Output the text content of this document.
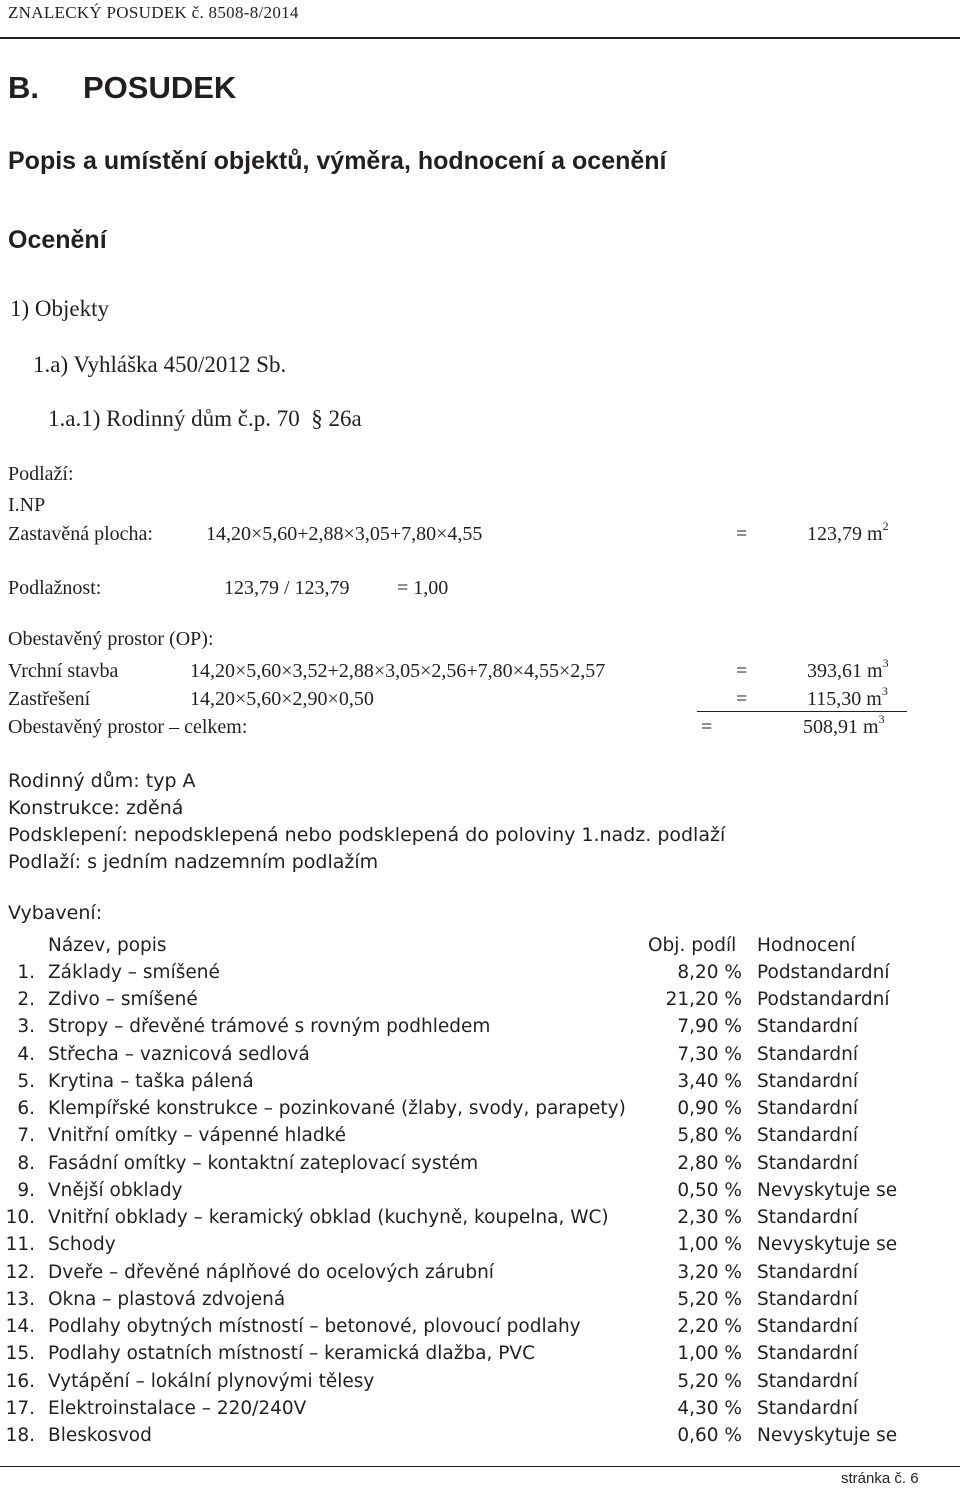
ZNALECKÝ POSUDEK č. 8508-8/2014
B. POSUDEK
Popis a umístění objektů, výměra, hodnocení a ocenění
Ocenění
1) Objekty
1.a) Vyhláška 450/2012 Sb.
1.a.1) Rodinný dům č.p. 70 § 26a
Podlaží:
I.NP
Zastavěná plocha:	14,20×5,60+2,88×3,05+7,80×4,55	=	123,79 $m^2$
Podlažnost:	123,79 / 123,79 = 1,00
Obestavěný prostor (OP):
Vrchní stavba	14,20×5,60×3,52+2,88×3,05×2,56+7,80×4,55×2,57	=	393,61 $m^3$
Zastřešení	14,20×5,60×2,90×0,50	=	115,30 $m^3$
Obestavěný prostor – celkem:	=	508,91 $m^3$
Rodinný dům: typ A
Konstrukce: zděná
Podsklepení: nepodsklepená nebo podsklepená do poloviny 1.nadz. podlaží
Podlaží: s jedním nadzemním podlažím
Vybavení:
Název, popis	Obj. podíl Hodnocení
1. Základy – smíšené	8,20 % Podstandardní
2. Zdivo – smíšené	21,20 % Podstandardní
3. Stropy – dřevěné trámové s rovným podhledem	7,90 % Standardní
4. Střecha – vaznicová sedlová	7,30 % Standardní
5. Krytina – taška pálená	3,40 % Standardní
6. Klempířské konstrukce – pozinkované (žlaby, svody, parapety)	0,90 % Standardní
7. Vnitřní omítky – vápenné hladké	5,80 % Standardní
8. Fasádní omítky – kontaktní zateplovací systém	2,80 % Standardní
9. Vnější obklady	0,50 % Nevyskytuje se
10. Vnitřní obklady – keramický obklad (kuchyně, koupelna, WC)	2,30 % Standardní
11. Schody	1,00 % Nevyskytuje se
12. Dveře – dřevěné náplňové do ocelových zárubní	3,20 % Standardní
13. Okna – plastová zdvojená	5,20 % Standardní
14. Podlahy obytných místností – betonové, plovoucí podlahy	2,20 % Standardní
15. Podlahy ostatních místností – keramická dlažba, PVC	1,00 % Standardní
16. Vytápění – lokální plynovými tělesy	5,20 % Standardní
17. Elektroinstalace – 220/240V	4,30 % Standardní
18. Bleskosvod	0,60 % Nevyskytuje se
stránka č. 6
